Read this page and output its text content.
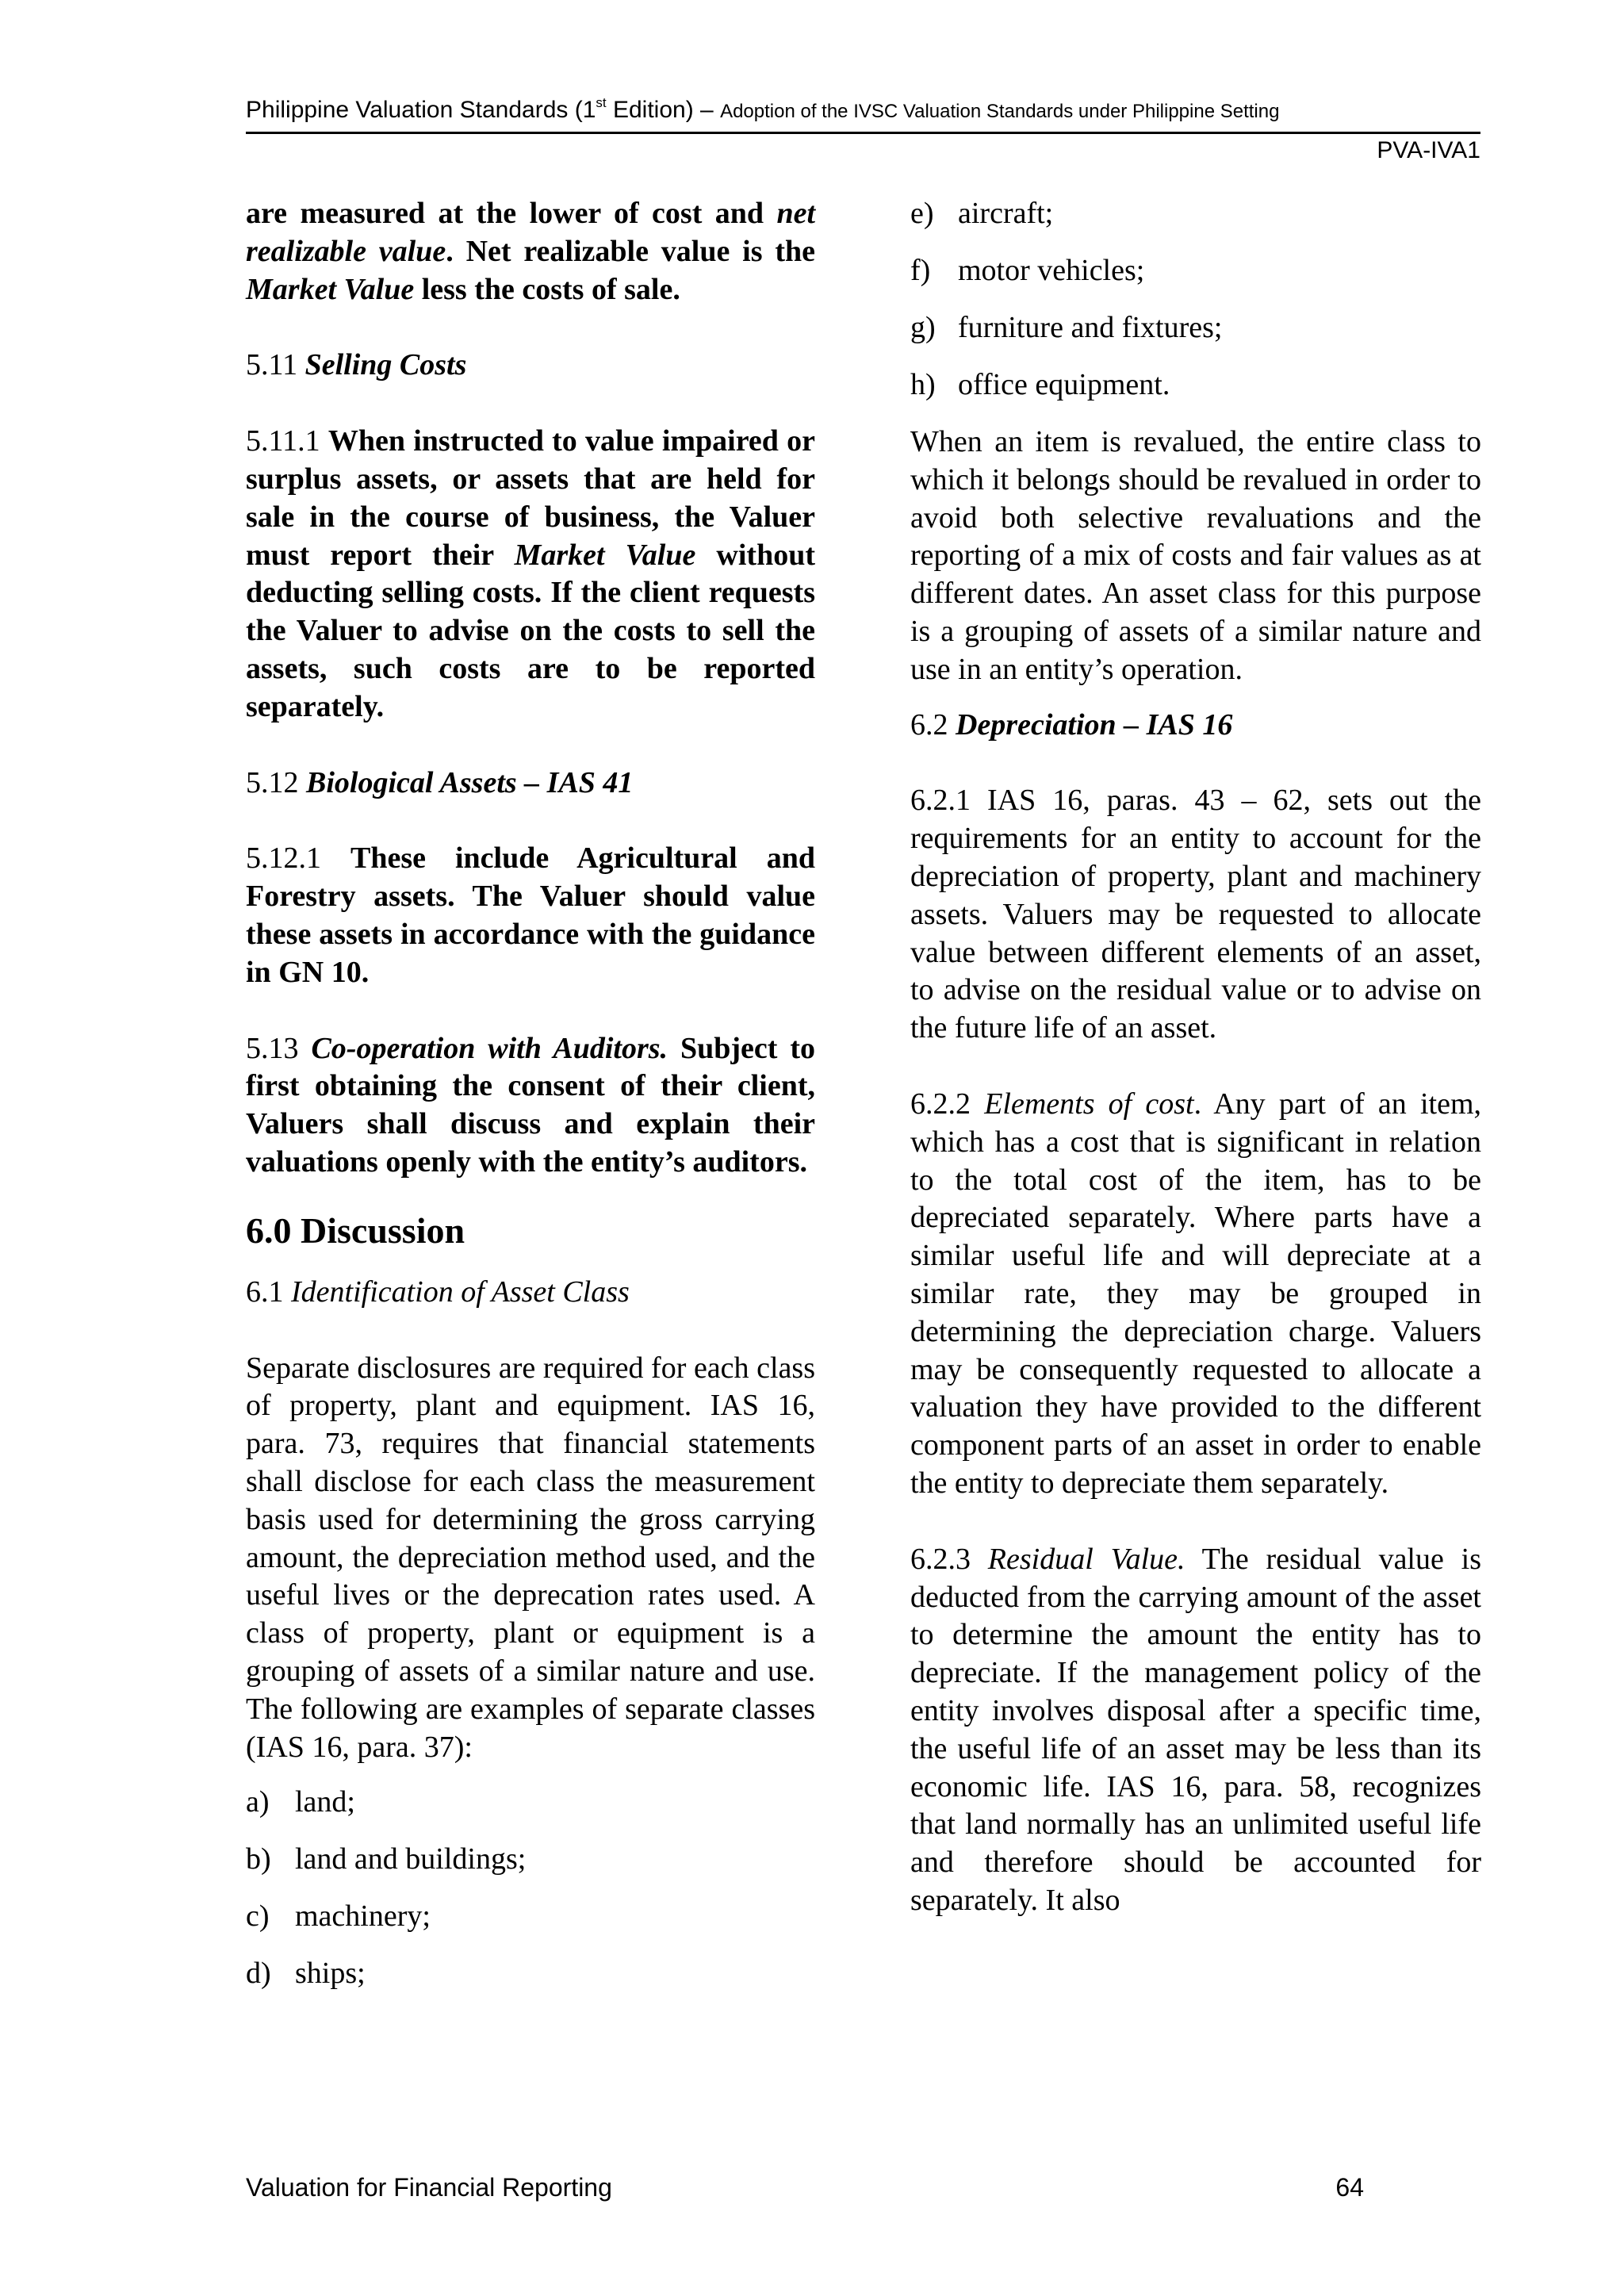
Philippine Valuation Standards (1st Edition) – Adoption of the IVSC Valuation Standards under Philippine Setting
PVA-IVA1

are measured at the lower of cost and net realizable value. Net realizable value is the Market Value less the costs of sale.

5.11 Selling Costs

5.11.1 When instructed to value impaired or surplus assets, or assets that are held for sale in the course of business, the Valuer must report their Market Value without deducting selling costs. If the client requests the Valuer to advise on the costs to sell the assets, such costs are to be reported separately.

5.12 Biological Assets – IAS 41

5.12.1 These include Agricultural and Forestry assets. The Valuer should value these assets in accordance with the guidance in GN 10.

5.13 Co-operation with Auditors. Subject to first obtaining the consent of their client, Valuers shall discuss and explain their valuations openly with the entity’s auditors.

6.0 Discussion

6.1 Identification of Asset Class

Separate disclosures are required for each class of property, plant and equipment. IAS 16, para. 73, requires that financial statements shall disclose for each class the measurement basis used for determining the gross carrying amount, the depreciation method used, and the useful lives or the deprecation rates used. A class of property, plant or equipment is a grouping of assets of a similar nature and use. The following are examples of separate classes (IAS 16, para. 37):

a) land;
b) land and buildings;
c) machinery;
d) ships;
e) aircraft;
f) motor vehicles;
g) furniture and fixtures;
h) office equipment.

When an item is revalued, the entire class to which it belongs should be revalued in order to avoid both selective revaluations and the reporting of a mix of costs and fair values as at different dates. An asset class for this purpose is a grouping of assets of a similar nature and use in an entity’s operation.

6.2 Depreciation – IAS 16

6.2.1 IAS 16, paras. 43 – 62, sets out the requirements for an entity to account for the depreciation of property, plant and machinery assets. Valuers may be requested to allocate value between different elements of an asset, to advise on the residual value or to advise on the future life of an asset.

6.2.2 Elements of cost. Any part of an item, which has a cost that is significant in relation to the total cost of the item, has to be depreciated separately. Where parts have a similar useful life and will depreciate at a similar rate, they may be grouped in determining the depreciation charge. Valuers may be consequently requested to allocate a valuation they have provided to the different component parts of an asset in order to enable the entity to depreciate them separately.

6.2.3 Residual Value. The residual value is deducted from the carrying amount of the asset to determine the amount the entity has to depreciate. If the management policy of the entity involves disposal after a specific time, the useful life of an asset may be less than its economic life. IAS 16, para. 58, recognizes that land normally has an unlimited useful life and therefore should be accounted for separately. It also

Valuation for Financial Reporting	64
